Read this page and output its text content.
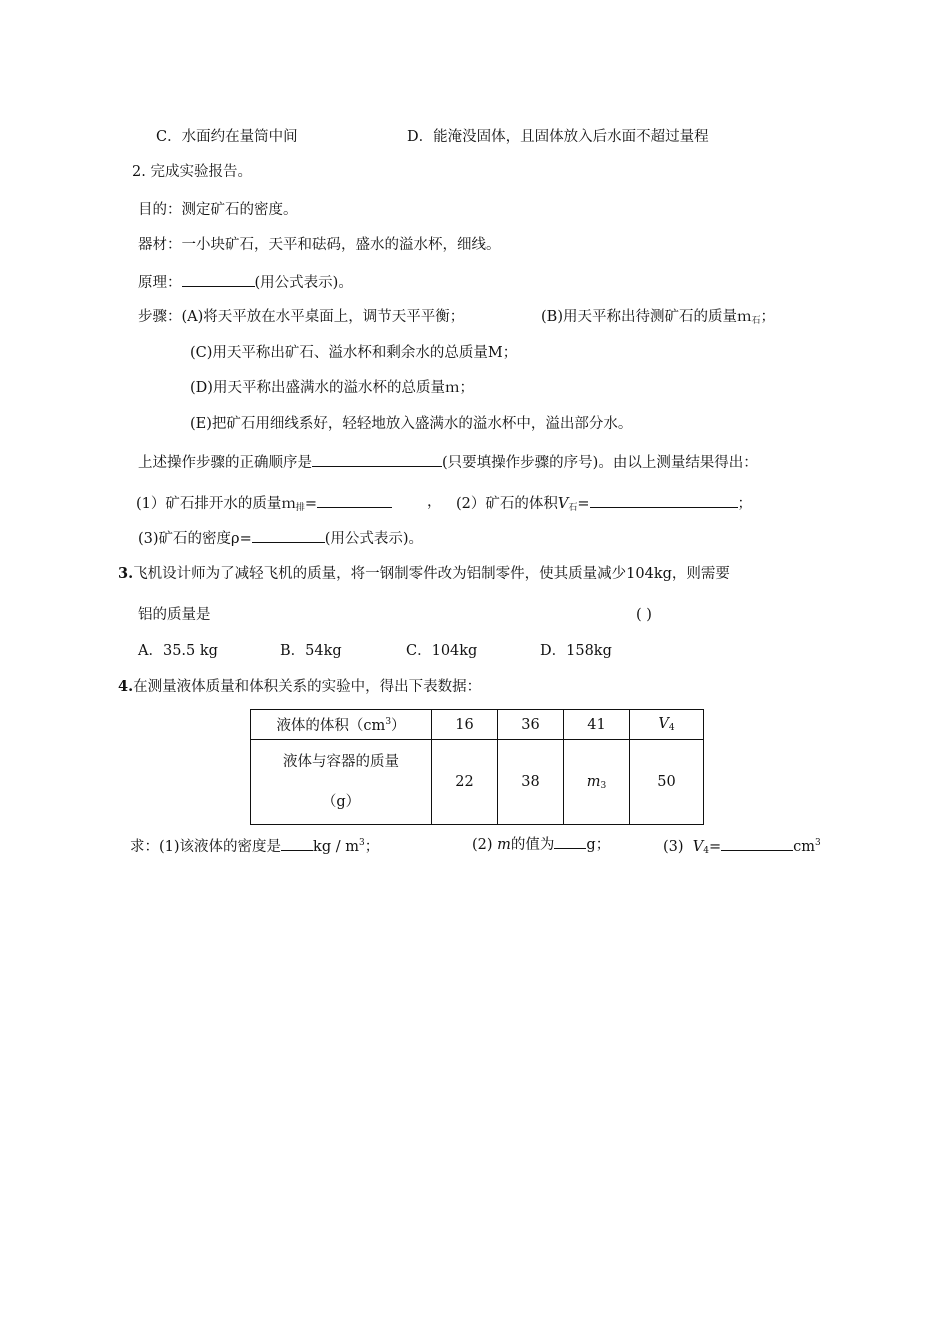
C．水面约在量筒中间	D．能淹没固体，且固体放入后水面不超过量程
2. 完成实验报告。
目的：测定矿石的密度。
器材：一小块矿石，天平和砝码，盛水的溢水杯，细线。
原理：	(用公式表示)。
步骤：(A)将天平放在水平桌面上，调节天平平衡；	(B)用天平称出待测矿石的质量ｍ$_石$；
(C)用天平称出矿石、溢水杯和剩余水的总质量M；
(D)用天平称出盛满水的溢水杯的总质量ｍ；
(E)把矿石用细线系好，轻轻地放入盛满水的溢水杯中，溢出部分水。
上述操作步骤的正确顺序是	(只要填操作步骤的序号)。由以上测量结果得出：
(1）矿石排开水的质量ｍ$_排$=	， (2）矿石的体积$V_石=$	；
(3)矿石的密度ρ=	(用公式表示)。
3.飞机设计师为了减轻飞机的质量，将一钢制零件改为铝制零件，使其质量减少104kg，则需要
铝的质量是	( )
A．35.5 kg	B．54kg	C．104kg	D．158kg
4.在测量液体质量和体积关系的实验中，得出下表数据：
液体的体积$(cm^3)$	16	36	41	$V_4$
液体与容器的质量
（g）	22	38	$m_3$	50
求：(1)该液体的密度是 kg / $m^3$；	(2) m的值为 g；	(3) $V_4=$	$cm^3$
